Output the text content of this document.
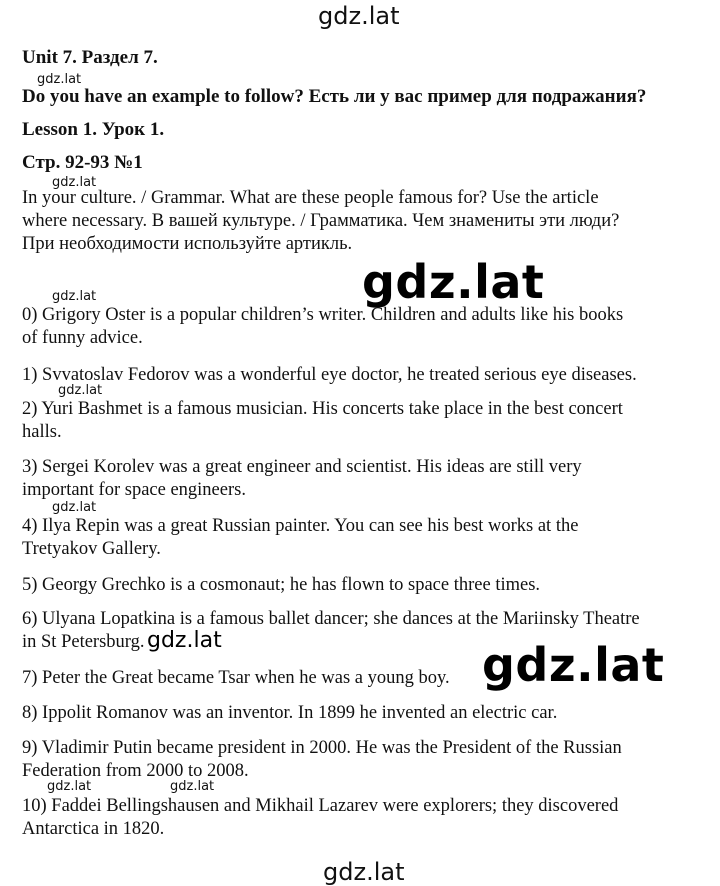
gdz.lat
Unit 7. Раздел 7.
gdz.lat
Do you have an example to follow? Есть ли у вас пример для подражания?
Lesson 1. Урок 1.
Стр. 92-93 №1
gdz.lat
In your culture. / Grammar. What are these people famous for? Use the article
where necessary. В вашей культуре. / Грамматика. Чем знамениты эти люди?
При необходимости используйте артикль.
gdz.lat
gdz.lat
0) Grigory Oster is a popular children’s writer. Children and adults like his books
of funny advice.
1) Svvatoslav Fedorov was a wonderful eye doctor, he treated serious eye diseases.
2) Yuri Bashmet is a famous musician. His concerts take place in the best concert
gdz.lat
halls.
3) Sergei Korolev was a great engineer and scientist. His ideas are still very
important for space engineers.
gdz.lat
4) Ilya Repin was a great Russian painter. You can see his best works at the
Tretyakov Gallery.
5) Georgy Grechko is a cosmonaut; he has flown to space three times.
6) Ulyana Lopatkina is a famous ballet dancer; she dances at the Mariinsky Theatre
in St Petersburg. gdz.lat	gdz.lat
7) Peter the Great became Tsar when he was a young boy.
8) Ippolit Romanov was an inventor. In 1899 he invented an electric car.
9) Vladimir Putin became president in 2000. He was the President of the Russian
Federation from 2000 to 2008.
gdz.lat	gdz.lat
10) Faddei Bellingshausen and Mikhail Lazarev were explorers; they discovered
Antarctica in 1820.
gdz.lat
